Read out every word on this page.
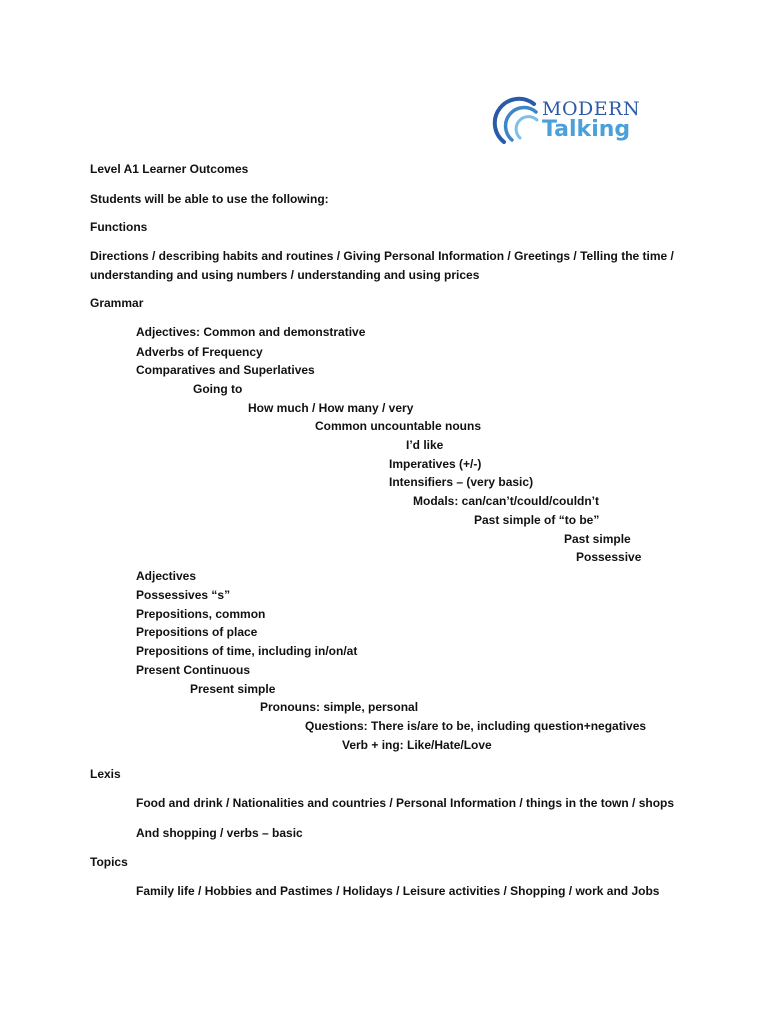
MODERN
Talking
Level A1 Learner Outcomes
Students will be able to use the following:
Functions
Directions / describing habits and routines / Giving Personal Information / Greetings / Telling the time /
understanding and using numbers / understanding and using prices
Grammar
Adjectives: Common and demonstrative
Adverbs of Frequency
Comparatives and Superlatives
Going to
How much / How many / very
Common uncountable nouns
I’d like
Imperatives (+/-)
Intensifiers – (very basic)
Modals: can/can’t/could/couldn’t
Past simple of “to be”
Past simple
Possessive
Adjectives
Possessives “s”
Prepositions, common
Prepositions of place
Prepositions of time, including in/on/at
Present Continuous
Present simple
Pronouns: simple, personal
Questions: There is/are to be, including question+negatives
Verb + ing: Like/Hate/Love
Lexis
Food and drink / Nationalities and countries / Personal Information / things in the town / shops
And shopping / verbs – basic
Topics
Family life / Hobbies and Pastimes / Holidays / Leisure activities / Shopping / work and Jobs
